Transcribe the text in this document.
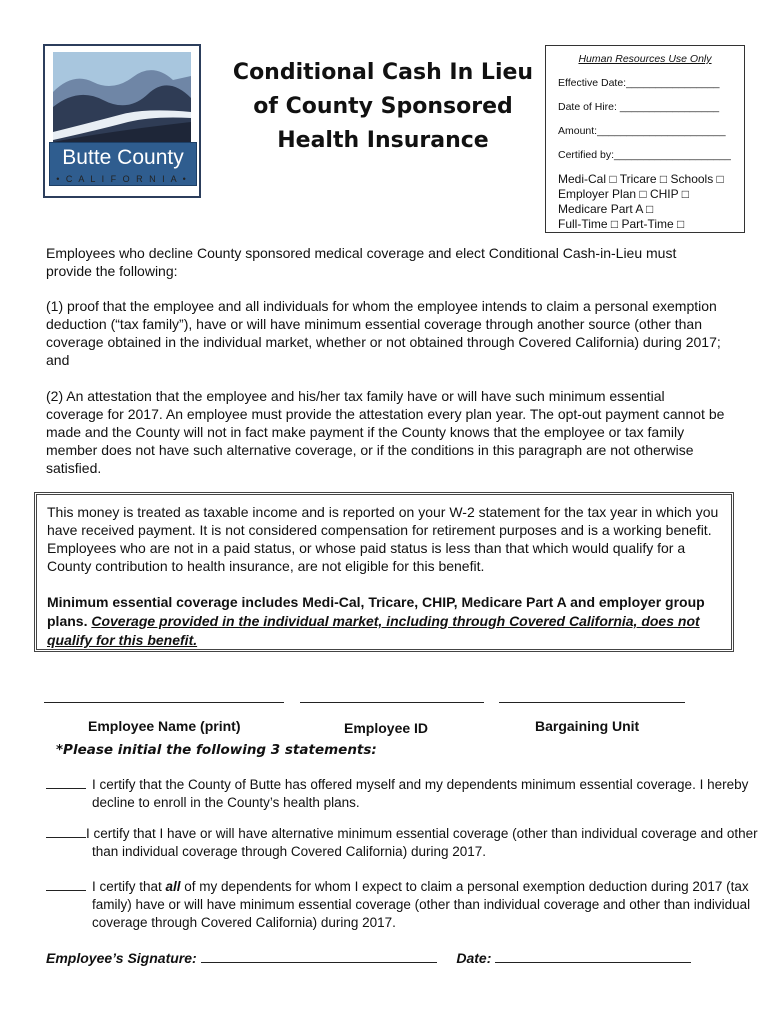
Butte County
• C A L I F O R N I A •
Conditional Cash In Lieu
of County Sponsored
Health Insurance
Human Resources Use Only
Effective Date:________________
Date of Hire: _________________
Amount:______________________
Certified by:____________________
Medi-Cal □ Tricare □ Schools □
Employer Plan □ CHIP □
Medicare Part A □
Full-Time □ Part-Time □
Employees who decline County sponsored medical coverage and elect Conditional Cash-in-Lieu must provide the following:
(1) proof that the employee and all individuals for whom the employee intends to claim a personal exemption deduction (“tax family”), have or will have minimum essential coverage through another source (other than coverage obtained in the individual market, whether or not obtained through Covered California) during 2017; and
(2) An attestation that the employee and his/her tax family have or will have such minimum essential coverage for 2017. An employee must provide the attestation every plan year. The opt-out payment cannot be made and the County will not in fact make payment if the County knows that the employee or tax family member does not have such alternative coverage, or if the conditions in this paragraph are not otherwise satisfied.
This money is treated as taxable income and is reported on your W-2 statement for the tax year in which you have received payment. It is not considered compensation for retirement purposes and is a working benefit. Employees who are not in a paid status, or whose paid status is less than that which would qualify for a County contribution to health insurance, are not eligible for this benefit.
Minimum essential coverage includes Medi-Cal, Tricare, CHIP, Medicare Part A and employer group plans. Coverage provided in the individual market, including through Covered California, does not qualify for this benefit.
Employee Name (print)	Employee ID	Bargaining Unit
*Please initial the following 3 statements:
I certify that the County of Butte has offered myself and my dependents minimum essential coverage. I hereby decline to enroll in the County’s health plans.
I certify that I have or will have alternative minimum essential coverage (other than individual coverage and other than individual coverage through Covered California) during 2017.
I certify that all of my dependents for whom I expect to claim a personal exemption deduction during 2017 (tax family) have or will have minimum essential coverage (other than individual coverage and other than individual coverage through Covered California) during 2017.
Employee’s Signature:	Date:
